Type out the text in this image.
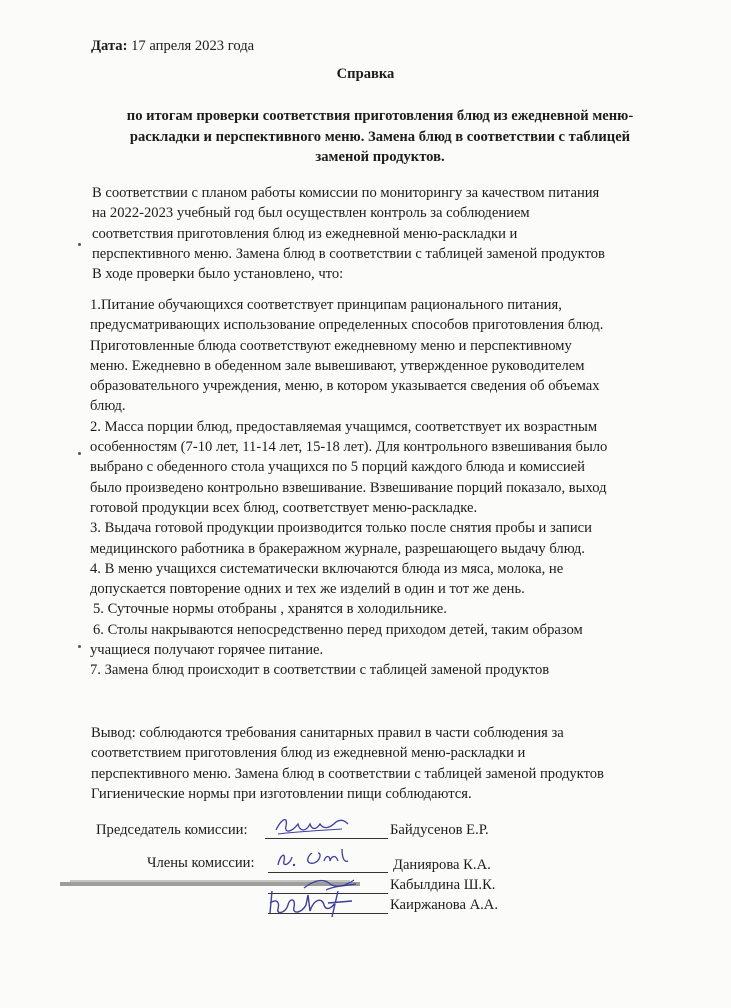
Дата: 17 апреля 2023 года
Справка
по итогам проверки соответствия приготовления блюд из ежедневной меню-
раскладки и перспективного меню. Замена блюд в соответствии с таблицей
заменой продуктов.

В соответствии с планом работы комиссии по мониторингу за качеством питания

на 2022-2023 учебный год был осуществлен контроль за соблюдением

соответствия приготовления блюд из ежедневной меню-раскладки и

перспективного меню. Замена блюд в соответствии с таблицей заменой продуктов

В ходе проверки было установлено, что:

1.Питание обучающихся соответствует принципам рационального питания,

предусматривающих использование определенных способов приготовления блюд.

Приготовленные блюда соответствуют ежедневному меню и перспективному

меню. Ежедневно в обеденном зале вывешивают, утвержденное руководителем

образовательного учреждения, меню, в котором указывается сведения об объемах

блюд.

2. Масса порции блюд, предоставляемая учащимся, соответствует их возрастным

особенностям (7-10 лет, 11-14 лет, 15-18 лет). Для контрольного взвешивания было

выбрано с обеденного стола учащихся по 5 порций каждого блюда и комиссией

было произведено контрольно взвешивание. Взвешивание порций показало, выход

готовой продукции всех блюд, соответствует меню-раскладке.

3. Выдача готовой продукции производится только после снятия пробы и записи

медицинского работника в бракеражном журнале, разрешающего выдачу блюд.

4. В меню учащихся систематически включаются блюда из мяса, молока, не

допускается повторение одних и тех же изделий в один и тот же день.

5. Суточные нормы отобраны , хранятся в холодильнике.

6. Столы накрываются непосредственно перед приходом детей, таким образом

учащиеся получают горячее питание.

7. Замена блюд происходит в соответствии с таблицей заменой продуктов

Вывод: соблюдаются требования санитарных правил в части соблюдения за

соответствием приготовления блюд из ежедневной меню-раскладки и

перспективного меню. Замена блюд в соответствии с таблицей заменой продуктов

Гигиенические нормы при изготовлении пищи соблюдаются.

Председатель комиссии:	Байдусенов Е.Р.
Члены комиссии:	Даниярова К.А.
Кабылдина Ш.К.
Каиржанова А.А.
